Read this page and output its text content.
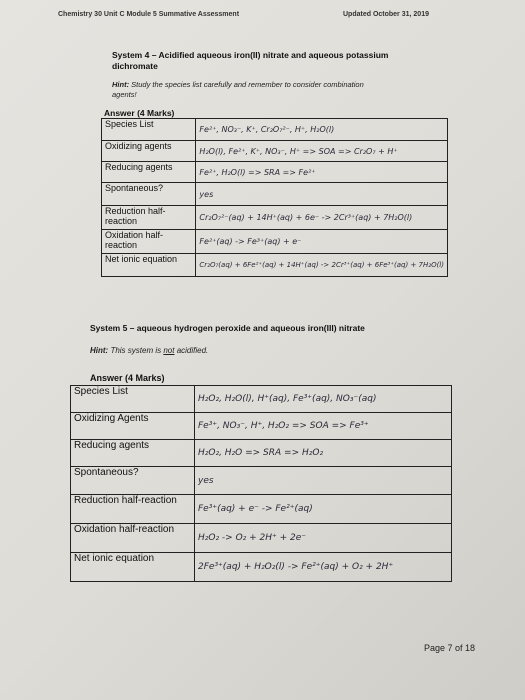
Chemistry 30 Unit C Module 5 Summative Assessment	Updated October 31, 2019
System 4 – Acidified aqueous iron(II) nitrate and aqueous potassium
dichromate
Hint: Study the species list carefully and remember to consider combination
agents!
Answer (4 Marks)
Species List	Fe²⁺, NO₃⁻, K⁺, Cr₂O₇²⁻, H⁺, H₂O(l)
Oxidizing agents	H₂O(l), Fe²⁺, K⁺, NO₃⁻, H⁺ => SOA => Cr₂O₇ + H⁺
Reducing agents	Fe²⁺, H₂O(l) => SRA => Fe²⁺
Spontaneous?	yes
Reduction half-reaction	Cr₂O₇²⁻(aq) + 14H⁺(aq) + 6e⁻ -> 2Cr³⁺(aq) + 7H₂O(l)
Oxidation half-reaction	Fe²⁺(aq) -> Fe³⁺(aq) + e⁻
Net ionic equation	Cr₂O₇(aq) + 6Fe²⁺(aq) + 14H⁺(aq) -> 2Cr³⁺(aq) + 6Fe³⁺(aq) + 7H₂O(l)
System 5 – aqueous hydrogen peroxide and aqueous iron(III) nitrate
Hint: This system is not acidified.
Answer (4 Marks)
Species List	H₂O₂, H₂O(l), H⁺(aq), Fe³⁺(aq), NO₃⁻(aq)
Oxidizing Agents	Fe³⁺, NO₃⁻, H⁺, H₂O₂ => SOA => Fe³⁺
Reducing agents	H₂O₂, H₂O => SRA => H₂O₂
Spontaneous?	yes
Reduction half-reaction	Fe³⁺(aq) + e⁻ -> Fe²⁺(aq)
Oxidation half-reaction	H₂O₂ -> O₂ + 2H⁺ + 2e⁻
Net ionic equation	2Fe³⁺(aq) + H₂O₂(l) -> Fe²⁺(aq) + O₂ + 2H⁺
Page 7 of 18
